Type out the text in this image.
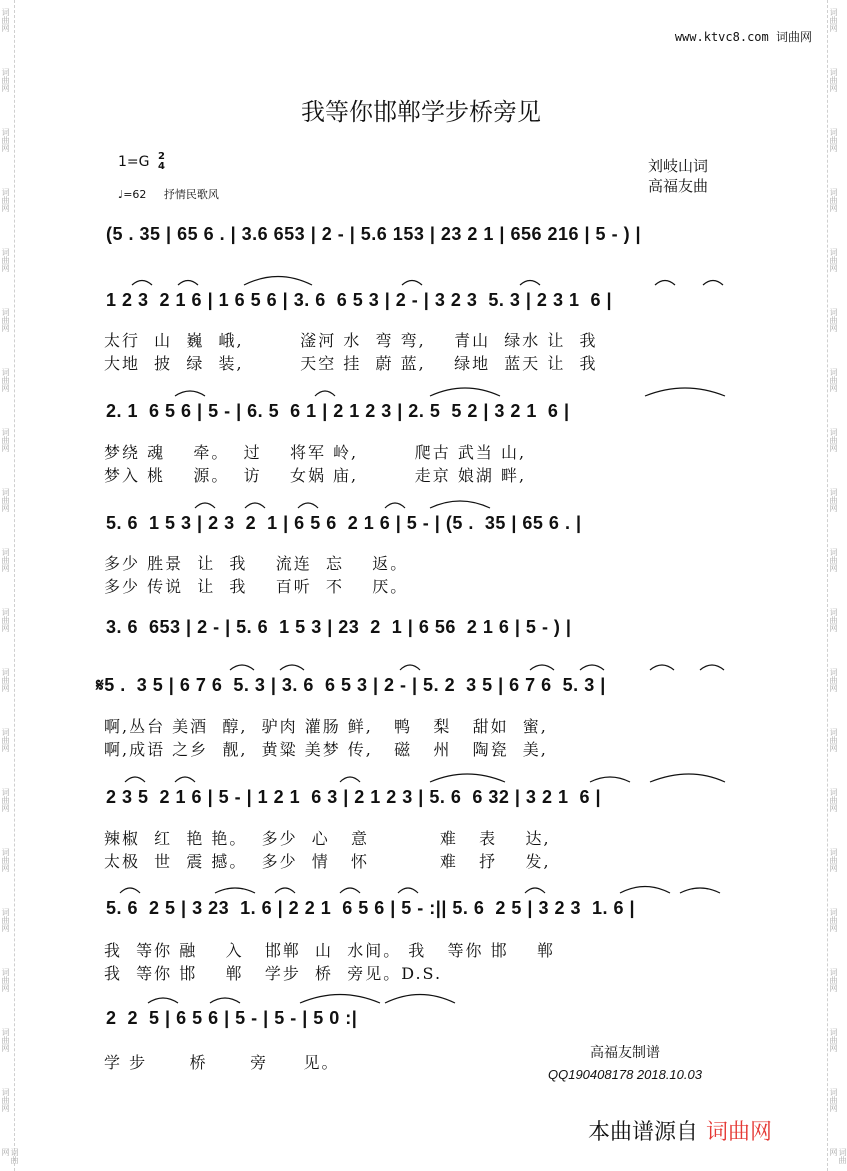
词曲网
词曲网
词曲网
词曲网
词曲网
词曲网
词曲网
词曲网
词曲网
词曲网
词曲网
词曲网
词曲网
词曲网
词曲网
词曲网
词曲网
词曲网
词曲网
词曲网
词曲网
词曲网
词曲网
词曲网
词曲网
词曲网
词曲网
词曲网
词曲网
词曲网
词曲网
词曲网
词曲网
词曲网
词曲网
词曲网
词曲网
词曲网
词曲网
词曲网
www.ktvc8.com 词曲网
我等你邯郸学步桥旁见
1=G 2
4
♩=62 抒情民歌风
刘岐山词
高福友曲
(5 . 35 | 65 6 . | 3.6 653 | 2 - | 5.6 153 | 23 2 1 | 656 216 | 5 - ) |
1 2 3  2 1 6 | 1 6 5 6 | 3. 6  6 5 3 | 2 - | 3 2 3  5. 3 | 2 3 1  6 |
太行  山  巍  峨,        滏河 水  弯 弯,    青山  绿水 让  我
大地  披  绿  装,        天空 挂  蔚 蓝,    绿地  蓝天 让  我
2. 1  6 5 6 | 5 - | 6. 5  6 1 | 2 1 2 3 | 2. 5  5 2 | 3 2 1  6 |
梦绕 魂    牵。  过    将军 岭,        爬古 武当 山,
梦入 桃    源。  访    女娲 庙,        走京 娘湖 畔,
5. 6  1 5 3 | 2 3  2  1 | 6 5 6  2 1 6 | 5 - | (5 .  35 | 65 6 . |
多少 胜景  让  我    流连  忘    返。
多少 传说  让  我    百听  不    厌。
3. 6  653 | 2 - | 5. 6  1 5 3 | 23  2  1 | 6 56  2 1 6 | 5 - ) |
𝄋5 .  3 5 | 6 7 6  5. 3 | 3. 6  6 5 3 | 2 - | 5. 2  3 5 | 6 7 6  5. 3 |
啊,丛台 美酒  醇,  驴肉 灌肠 鲜,   鸭   梨   甜如  蜜,
啊,成语 之乡  靓,  黄粱 美梦 传,   磁   州   陶瓷  美,
2 3 5  2 1 6 | 5 - | 1 2 1  6 3 | 2 1 2 3 | 5. 6  6 32 | 3 2 1  6 |
辣椒  红  艳 艳。  多少  心   意          难   表    达,
太极  世  震 撼。  多少  情   怀          难   抒    发,
5. 6  2 5 | 3 23  1. 6 | 2 2 1  6 5 6 | 5 - :|| 5. 6  2 5 | 3 2 3  1. 6 |
我  等你 融    入   邯郸  山  水间。 我   等你 邯    郸
我  等你 邯    郸   学步  桥  旁见。D.S.
2  2  5 | 6 5 6 | 5 - | 5 - | 5 0 :|
学 步      桥      旁     见。	高福友制谱
QQ190408178 2018.10.03
本曲谱源自 词曲网
